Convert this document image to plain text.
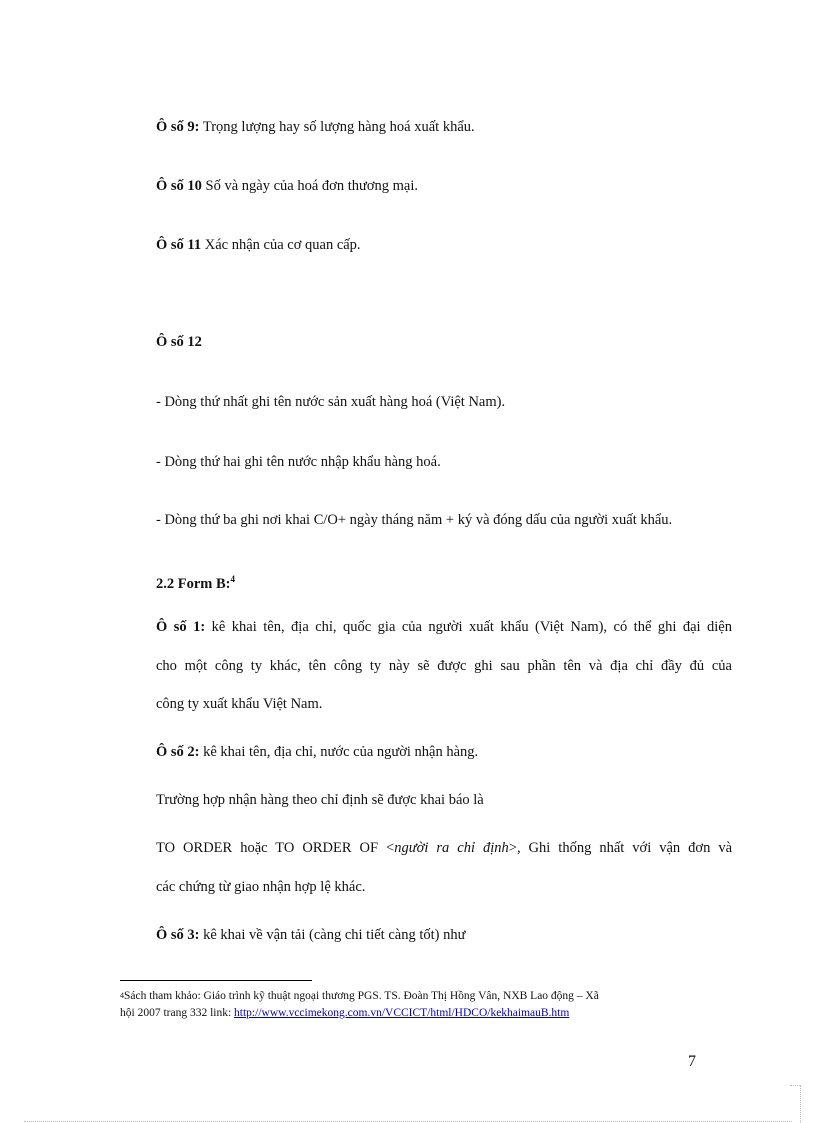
Ô số 9: Trọng lượng hay số lượng hàng hoá xuất khẩu.

Ô số 10 Số và ngày của hoá đơn thương mại.

Ô số 11 Xác nhận của cơ quan cấp.

Ô số 12

- Dòng thứ nhất ghi tên nước sản xuất hàng hoá (Việt Nam).

- Dòng thứ hai ghi tên nước nhập khẩu hàng hoá.

- Dòng thứ ba ghi nơi khai C/O+ ngày tháng năm + ký và đóng dấu của người xuất khẩu.

2.2 Form B:$^4$

Ô số 1: kê khai tên, địa chỉ, quốc gia của người xuất khẩu (Việt Nam), có thể ghi đại diện

cho một công ty khác, tên công ty này sẽ được ghi sau phần tên và địa chỉ đầy đủ của

công ty xuất khẩu Việt Nam.

Ô số 2: kê khai tên, địa chỉ, nước của người nhận hàng.

Trường hợp nhận hàng theo chỉ định sẽ được khai báo là

TO ORDER hoặc TO ORDER OF <người ra chỉ định>, Ghi thống nhất với vận đơn và

các chứng từ giao nhận hợp lệ khác.

Ô số 3: kê khai về vận tải (càng chi tiết càng tốt) như

$^4$Sách tham khảo: Giáo trình kỹ thuật ngoại thương PGS. TS. Đoàn Thị Hồng Vân, NXB Lao động – Xã

hội 2007 trang 332 link: http://www.vccimekong.com.vn/VCCICT/html/HDCO/kekhaimauB.htm

7
